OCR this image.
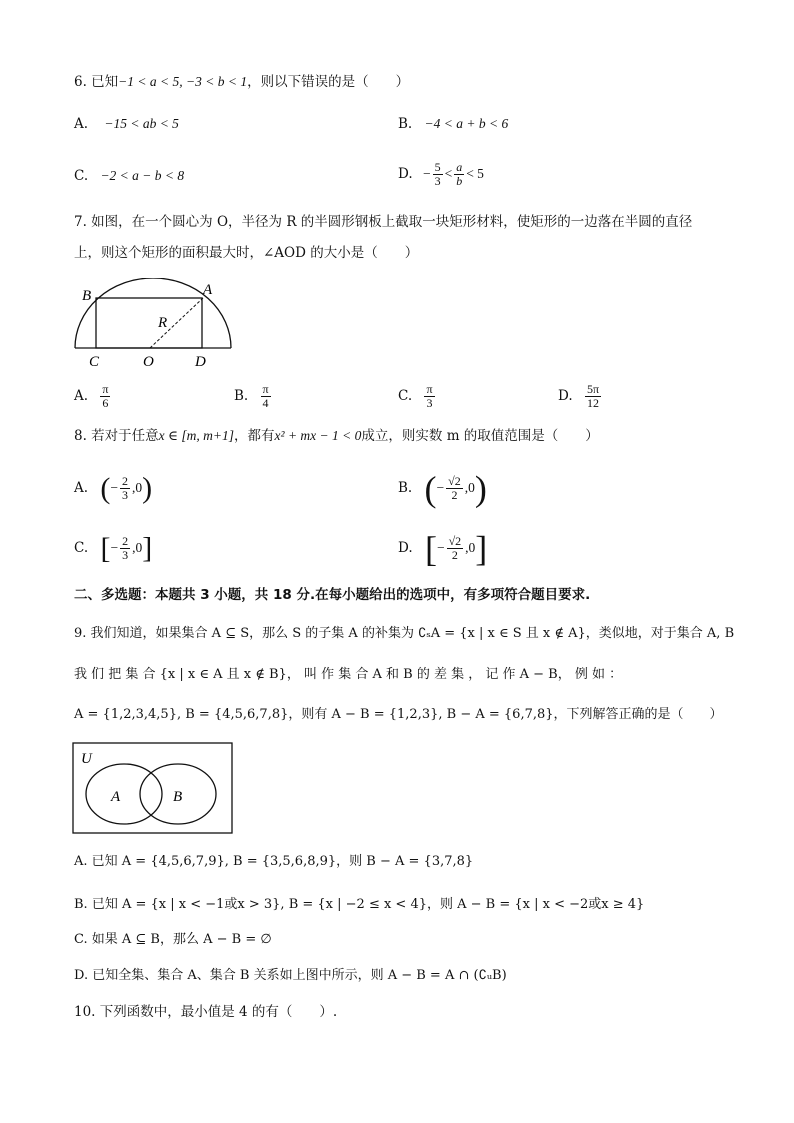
6. 已知−1 < a < 5, −3 < b < 1，则以下错误的是（　　）
A. −15 < ab < 5	B. −4 < a + b < 6
C. −2 < a − b < 8	D. − $\frac{5}{3} < \frac{a}{b} < 5$
7. 如图，在一个圆心为 O，半径为 R 的半圆形钢板上截取一块矩形材料，使矩形的一边落在半圆的直径
上，则这个矩形的面积最大时，∠AOD 的大小是（　　）
B	A
R
C	O	D
A. $\frac{\pi}{6}$	B. $\frac{\pi}{4}$	C. $\frac{\pi}{3}$	D. $\frac{5\pi}{12}$
8. 若对于任意x ∈ [m, m+1]，都有x² + mx − 1 < 0成立，则实数 m 的取值范围是（　　）
A. (− $\frac{2}{3} ,0$)	B. (− $\frac{√2}{2} ,0$)
C. [− $\frac{2}{3} ,0$]	D. [− $\frac{√2}{2} ,0$]
二、多选题：本题共 3 小题，共 18 分.在每小题给出的选项中，有多项符合题目要求.
9. 我们知道，如果集合 A ⊆ S，那么 S 的子集 A 的补集为 ∁ₛA = {x | x ∈ S 且 x ∉ A}，类似地，对于集合 A, B
我 们 把 集 合 {x | x ∈ A 且 x ∉ B}， 叫 作 集 合 A 和 B 的 差 集 ， 记 作 A − B， 例 如 ：
A = {1,2,3,4,5}, B = {4,5,6,7,8}，则有 A − B = {1,2,3}, B − A = {6,7,8}，下列解答正确的是（　　）
U
A	B
A. 已知 A = {4,5,6,7,9}, B = {3,5,6,8,9}，则 B − A = {3,7,8}
B. 已知 A = {x | x < −1或x > 3}, B = {x | −2 ≤ x < 4}，则 A − B = {x | x < −2或x ≥ 4}
C. 如果 A ⊆ B，那么 A − B = ∅
D. 已知全集、集合 A、集合 B 关系如上图中所示，则 A − B = A ∩ (∁ᵤB)
10. 下列函数中，最小值是 4 的有（　　）.
